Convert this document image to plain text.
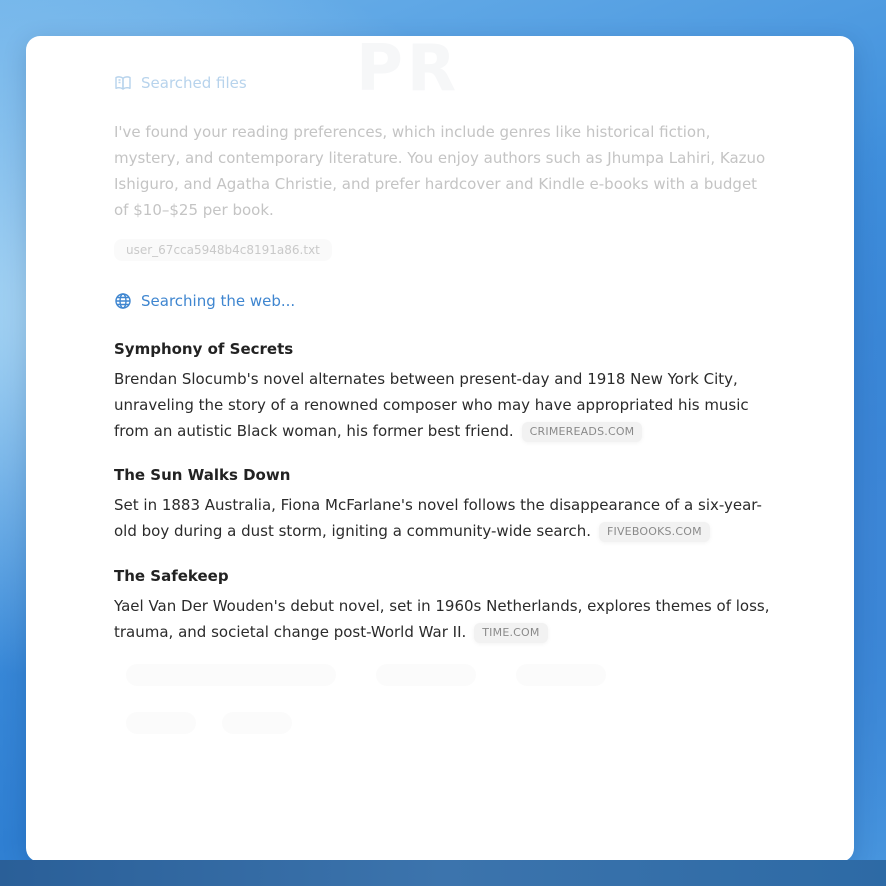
PR
Searched files

I've found your reading preferences, which include genres like historical fiction, mystery, and contemporary literature. You enjoy authors such as Jhumpa Lahiri, Kazuo Ishiguro, and Agatha Christie, and prefer hardcover and Kindle e-books with a budget of $10–$25 per book.

user_67cca5948b4c8191a86.txt
Searching the web...

Symphony of Secrets

Brendan Slocumb's novel alternates between present-day and 1918 New York City, unraveling the story of a renowned composer who may have appropriated his music from an autistic Black woman, his former best friend. CRIMEREADS.COM

The Sun Walks Down

Set in 1883 Australia, Fiona McFarlane's novel follows the disappearance of a six-year-old boy during a dust storm, igniting a community-wide search. FIVEBOOKS.COM

The Safekeep

Yael Van Der Wouden's debut novel, set in 1960s Netherlands, explores themes of loss, trauma, and societal change post-World War II. TIME.COM
